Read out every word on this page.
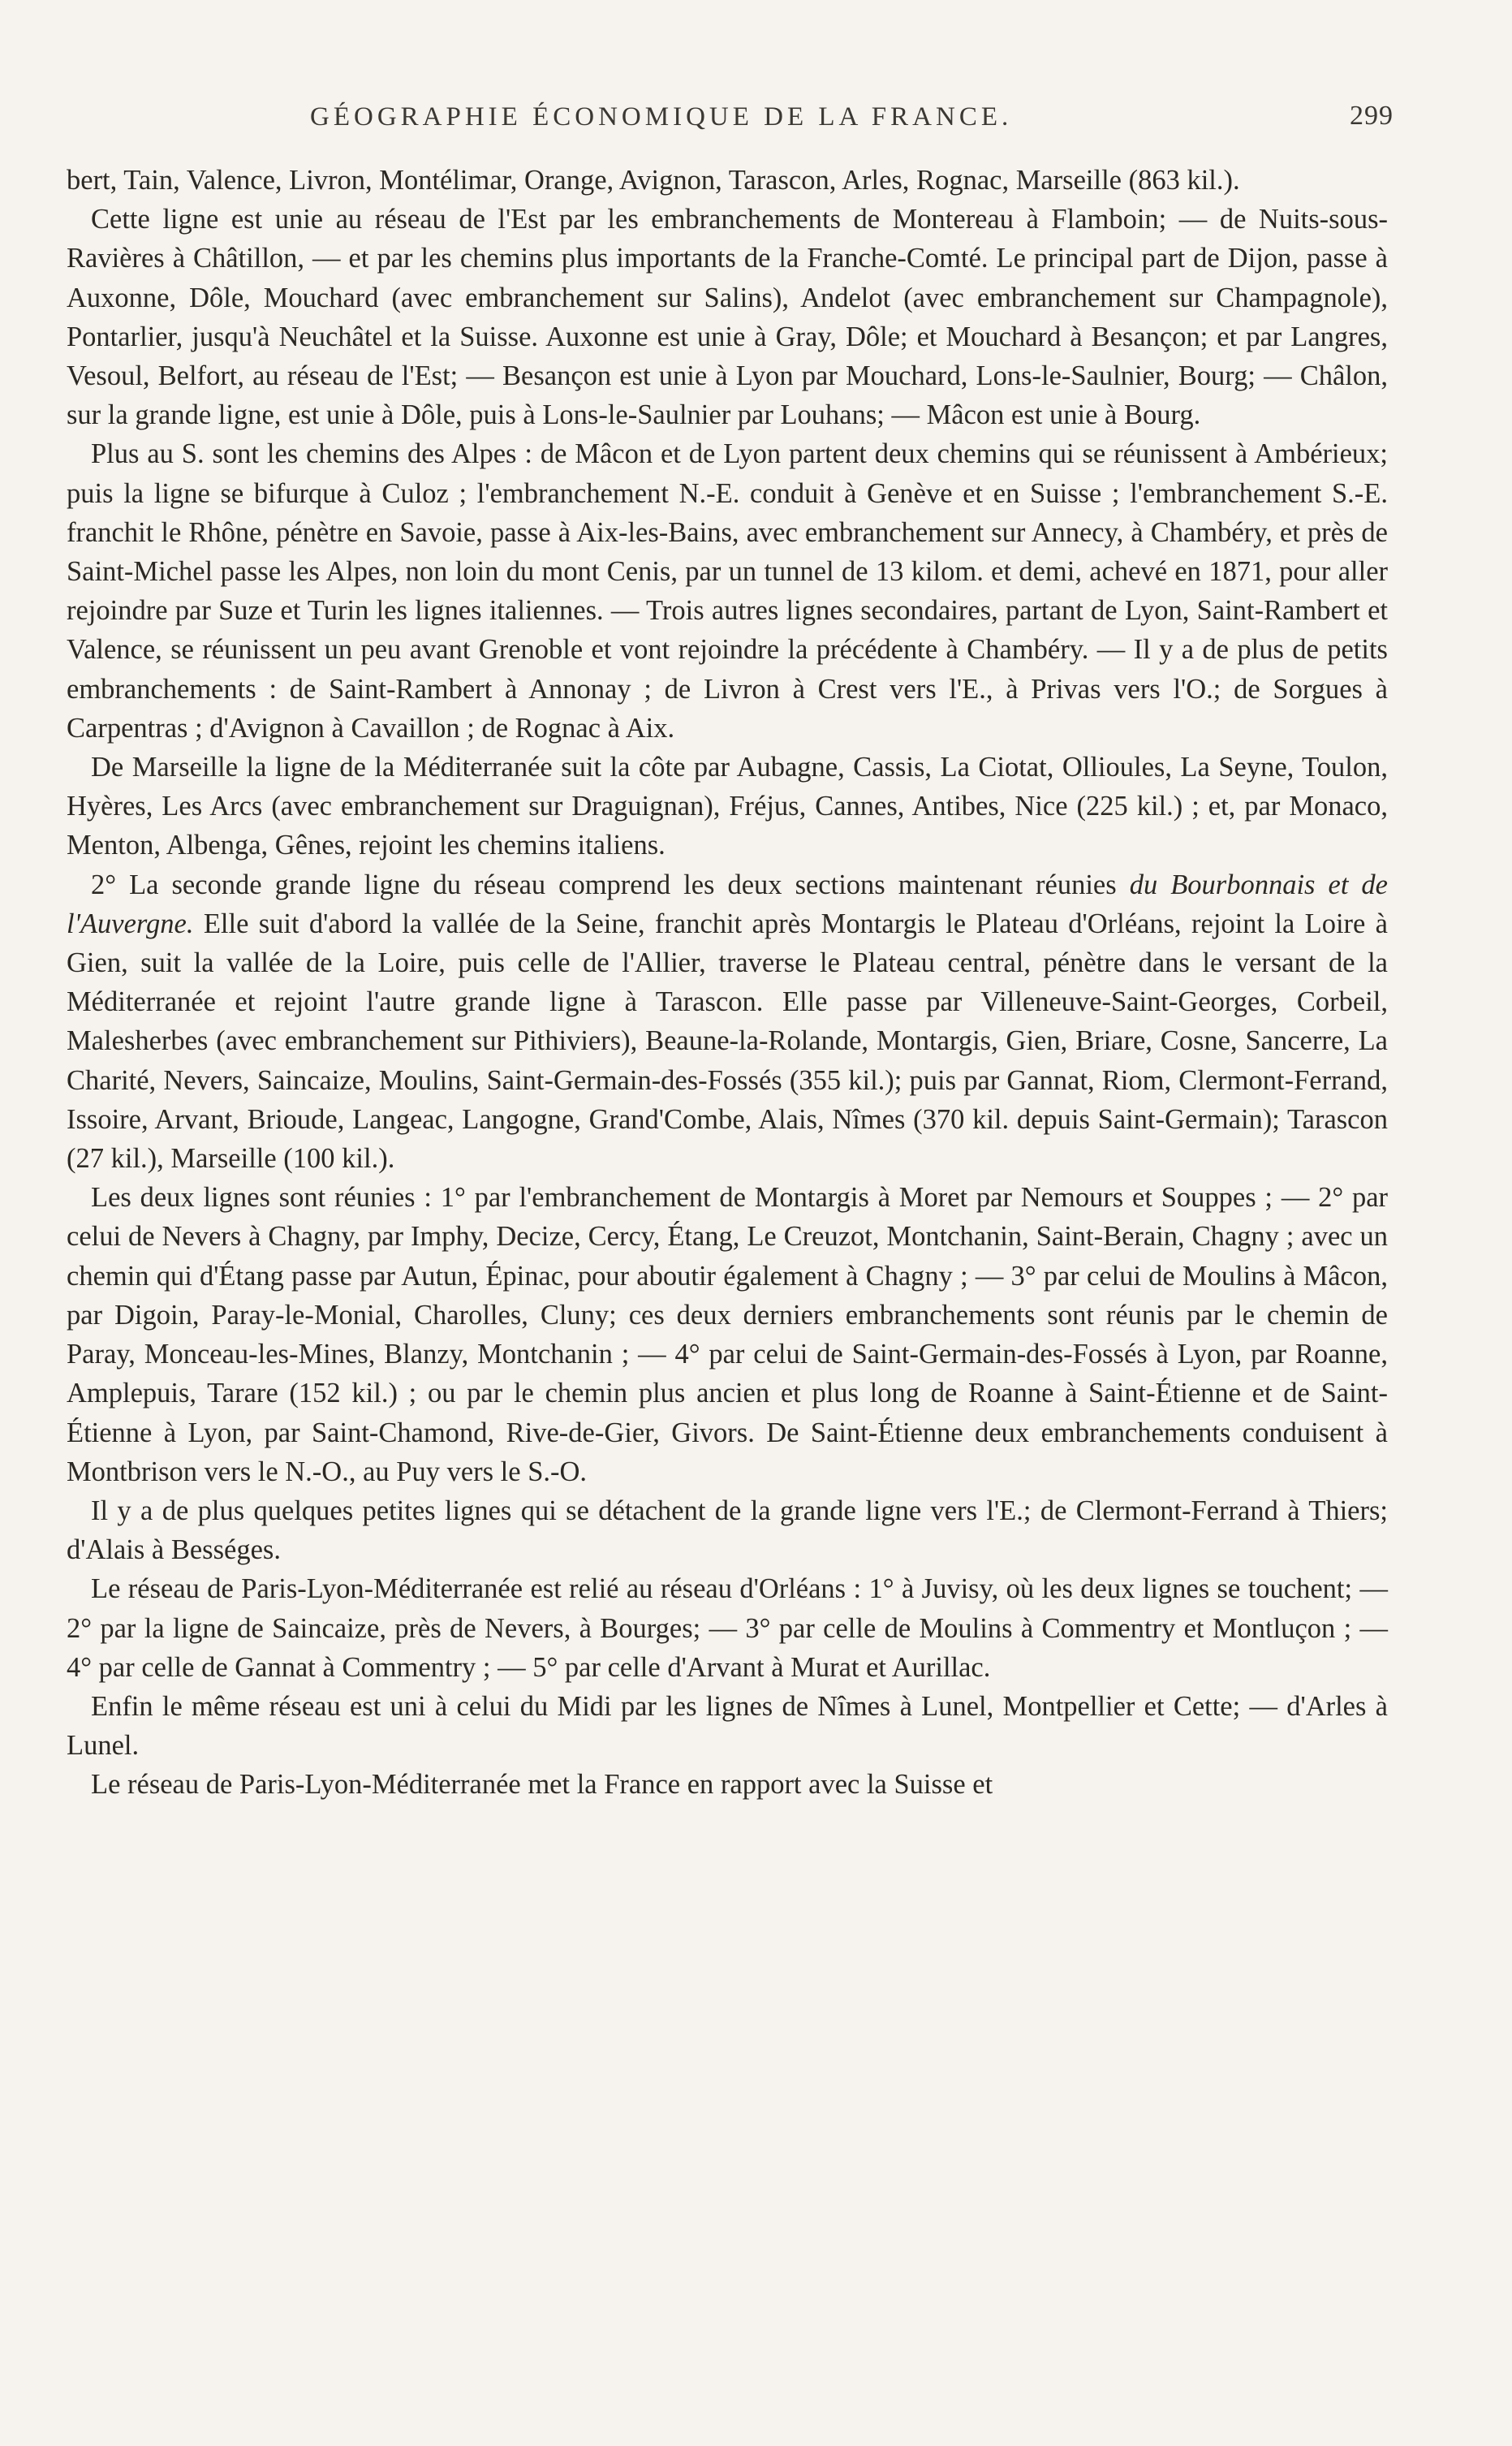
GÉOGRAPHIE ÉCONOMIQUE DE LA FRANCE.	299

bert, Tain, Valence, Livron, Montélimar, Orange, Avignon, Tarascon, Arles, Rognac, Marseille (863 kil.).

Cette ligne est unie au réseau de l'Est par les embranchements de Montereau à Flamboin; — de Nuits-sous-Ravières à Châtillon, — et par les chemins plus importants de la Franche-Comté. Le principal part de Dijon, passe à Auxonne, Dôle, Mouchard (avec embranchement sur Salins), Andelot (avec embranchement sur Champagnole), Pontarlier, jusqu'à Neuchâtel et la Suisse. Auxonne est unie à Gray, Dôle; et Mouchard à Besançon; et par Langres, Vesoul, Belfort, au réseau de l'Est; — Besançon est unie à Lyon par Mouchard, Lons-le-Saulnier, Bourg; — Châlon, sur la grande ligne, est unie à Dôle, puis à Lons-le-Saulnier par Louhans; — Mâcon est unie à Bourg.

Plus au S. sont les chemins des Alpes : de Mâcon et de Lyon partent deux chemins qui se réunissent à Ambérieux; puis la ligne se bifurque à Culoz ; l'embranchement N.-E. conduit à Genève et en Suisse ; l'embranchement S.-E. franchit le Rhône, pénètre en Savoie, passe à Aix-les-Bains, avec embranchement sur Annecy, à Chambéry, et près de Saint-Michel passe les Alpes, non loin du mont Cenis, par un tunnel de 13 kilom. et demi, achevé en 1871, pour aller rejoindre par Suze et Turin les lignes italiennes. — Trois autres lignes secondaires, partant de Lyon, Saint-Rambert et Valence, se réunissent un peu avant Grenoble et vont rejoindre la précédente à Chambéry. — Il y a de plus de petits embranchements : de Saint-Rambert à Annonay ; de Livron à Crest vers l'E., à Privas vers l'O.; de Sorgues à Carpentras ; d'Avignon à Cavaillon ; de Rognac à Aix.

De Marseille la ligne de la Méditerranée suit la côte par Aubagne, Cassis, La Ciotat, Ollioules, La Seyne, Toulon, Hyères, Les Arcs (avec embranchement sur Draguignan), Fréjus, Cannes, Antibes, Nice (225 kil.) ; et, par Monaco, Menton, Albenga, Gênes, rejoint les chemins italiens.

2° La seconde grande ligne du réseau comprend les deux sections maintenant réunies du Bourbonnais et de l'Auvergne. Elle suit d'abord la vallée de la Seine, franchit après Montargis le Plateau d'Orléans, rejoint la Loire à Gien, suit la vallée de la Loire, puis celle de l'Allier, traverse le Plateau central, pénètre dans le versant de la Méditerranée et rejoint l'autre grande ligne à Tarascon. Elle passe par Villeneuve-Saint-Georges, Corbeil, Malesherbes (avec embranchement sur Pithiviers), Beaune-la-Rolande, Montargis, Gien, Briare, Cosne, Sancerre, La Charité, Nevers, Saincaize, Moulins, Saint-Germain-des-Fossés (355 kil.); puis par Gannat, Riom, Clermont-Ferrand, Issoire, Arvant, Brioude, Langeac, Langogne, Grand'Combe, Alais, Nîmes (370 kil. depuis Saint-Germain); Tarascon (27 kil.), Marseille (100 kil.).

Les deux lignes sont réunies : 1° par l'embranchement de Montargis à Moret par Nemours et Souppes ; — 2° par celui de Nevers à Chagny, par Imphy, Decize, Cercy, Étang, Le Creuzot, Montchanin, Saint-Berain, Chagny ; avec un chemin qui d'Étang passe par Autun, Épinac, pour aboutir également à Chagny ; — 3° par celui de Moulins à Mâcon, par Digoin, Paray-le-Monial, Charolles, Cluny; ces deux derniers embranchements sont réunis par le chemin de Paray, Monceau-les-Mines, Blanzy, Montchanin ; — 4° par celui de Saint-Germain-des-Fossés à Lyon, par Roanne, Amplepuis, Tarare (152 kil.) ; ou par le chemin plus ancien et plus long de Roanne à Saint-Étienne et de Saint-Étienne à Lyon, par Saint-Chamond, Rive-de-Gier, Givors. De Saint-Étienne deux embranchements conduisent à Montbrison vers le N.-O., au Puy vers le S.-O.

Il y a de plus quelques petites lignes qui se détachent de la grande ligne vers l'E.; de Clermont-Ferrand à Thiers; d'Alais à Bességes.

Le réseau de Paris-Lyon-Méditerranée est relié au réseau d'Orléans : 1° à Juvisy, où les deux lignes se touchent; — 2° par la ligne de Saincaize, près de Nevers, à Bourges; — 3° par celle de Moulins à Commentry et Montluçon ; — 4° par celle de Gannat à Commentry ; — 5° par celle d'Arvant à Murat et Aurillac.

Enfin le même réseau est uni à celui du Midi par les lignes de Nîmes à Lunel, Montpellier et Cette; — d'Arles à Lunel.

Le réseau de Paris-Lyon-Méditerranée met la France en rapport avec la Suisse et
